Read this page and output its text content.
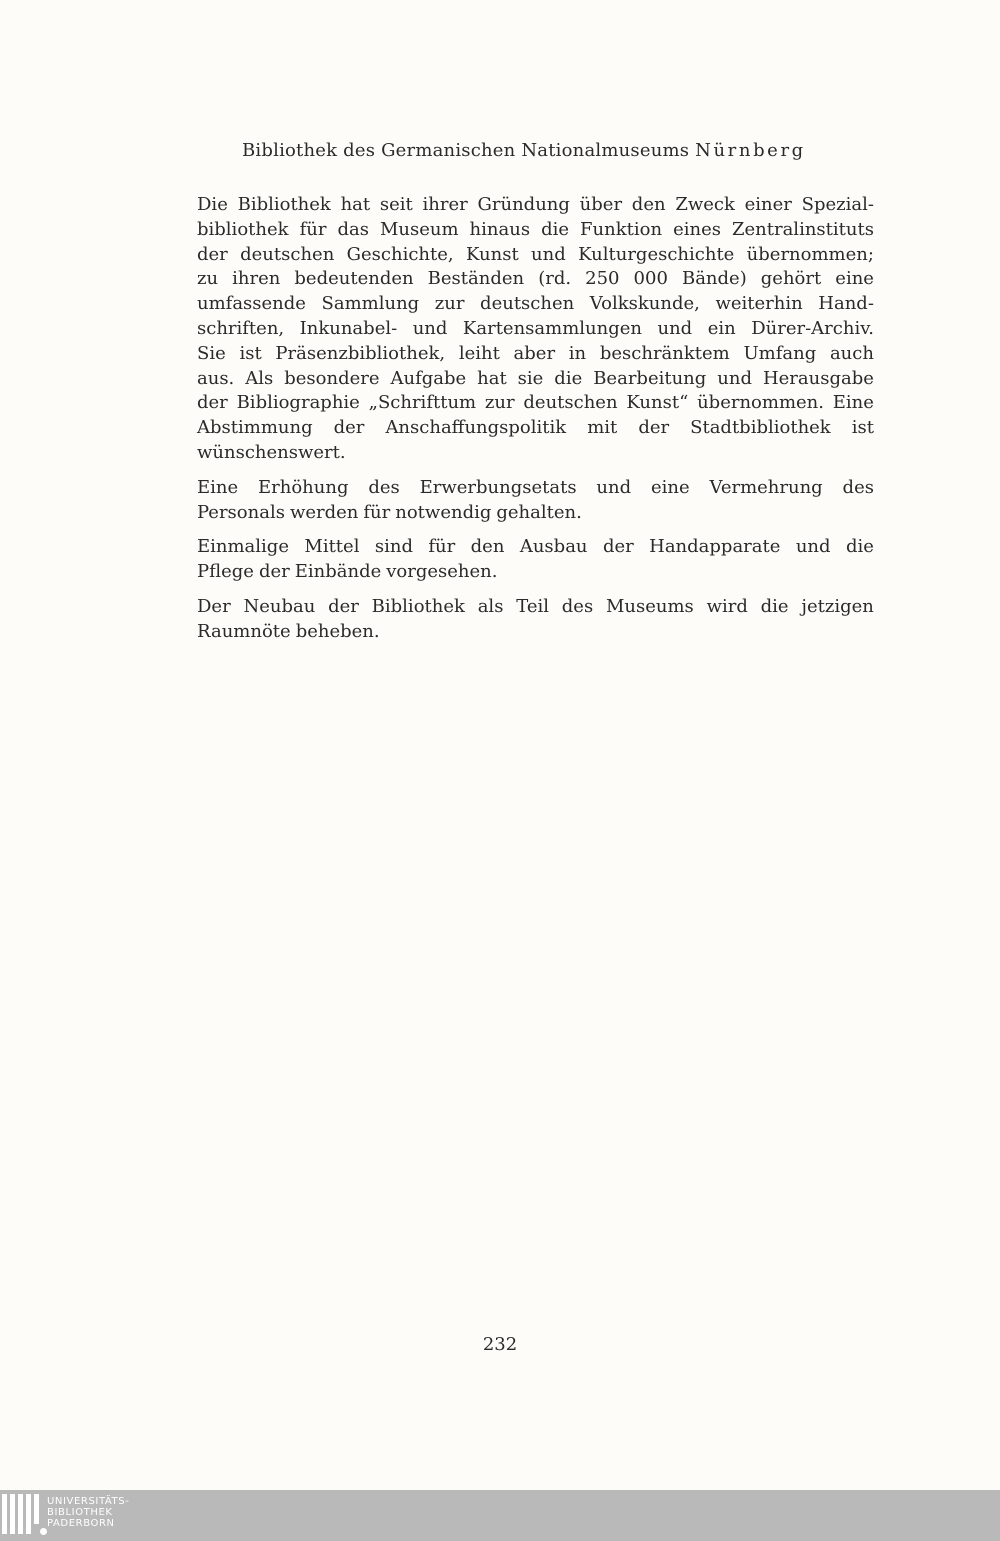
Bibliothek des Germanischen Nationalmuseums Nürnberg
Die Bibliothek hat seit ihrer Gründung über den Zweck einer Spezial-
bibliothek für das Museum hinaus die Funktion eines Zentralinstituts
der deutschen Geschichte, Kunst und Kulturgeschichte übernommen;
zu ihren bedeutenden Beständen (rd. 250 000 Bände) gehört eine
umfassende Sammlung zur deutschen Volkskunde, weiterhin Hand-
schriften, Inkunabel- und Kartensammlungen und ein Dürer-Archiv.
Sie ist Präsenzbibliothek, leiht aber in beschränktem Umfang auch
aus. Als besondere Aufgabe hat sie die Bearbeitung und Herausgabe
der Bibliographie „Schrifttum zur deutschen Kunst“ übernommen. Eine
Abstimmung der Anschaffungspolitik mit der Stadtbibliothek ist
wünschenswert.
Eine Erhöhung des Erwerbungsetats und eine Vermehrung des
Personals werden für notwendig gehalten.
Einmalige Mittel sind für den Ausbau der Handapparate und die
Pflege der Einbände vorgesehen.
Der Neubau der Bibliothek als Teil des Museums wird die jetzigen
Raumnöte beheben.
232
UNIVERSITÄTS-
BIBLIOTHEK
PADERBORN
